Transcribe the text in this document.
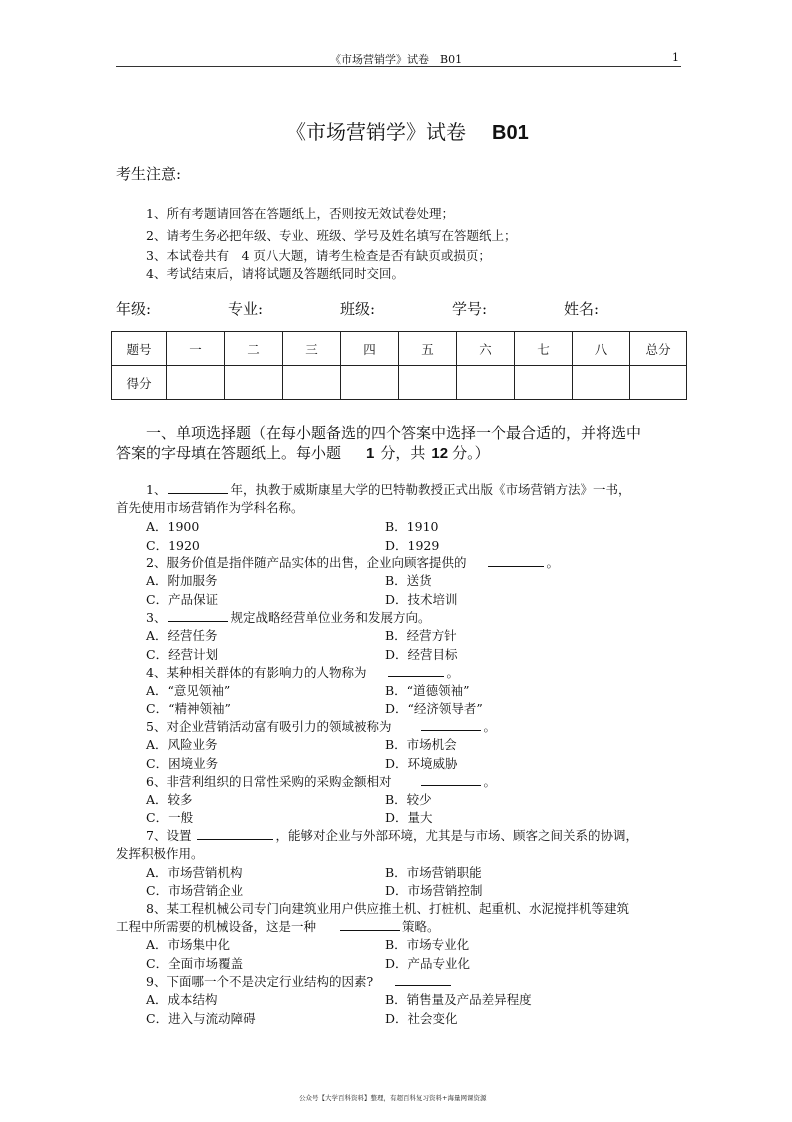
《市场营销学》试卷　B01	1
《市场营销学》试卷 B01
考生注意:
1、所有考题请回答在答题纸上，否则按无效试卷处理；
2、请考生务必把年级、专业、班级、学号及姓名填写在答题纸上；
3、本试卷共有　4 页八大题，请考生检查是否有缺页或损页；
4、考试结束后，请将试题及答题纸同时交回。
年级:	专业:	班级:	学号:	姓名:
题号	一	二	三	四	五	六	七	八	总分
得分									
一、单项选择题（在每小题备选的四个答案中选择一个最合适的，并将选中
答案的字母填在答题纸上。每小题　1 分，共 12 分。）
1、	年，执教于威斯康星大学的巴特勒教授正式出版《市场营销方法》一书，
首先使用市场营销作为学科名称。
A．1900	B．1910
C．1920	D．1929
2、服务价值是指伴随产品实体的出售，企业向顾客提供的	。
A．附加服务	B．送货
C．产品保证	D．技术培训
3、	规定战略经营单位业务和发展方向。
A．经营任务	B．经营方针
C．经营计划	D．经营目标
4、某种相关群体的有影响力的人物称为	。
A．“意见领袖”	B．“道德领袖”
C．“精神领袖”	D．“经济领导者”
5、对企业营销活动富有吸引力的领域被称为	。
A．风险业务	B．市场机会
C．困境业务	D．环境威胁
6、非营利组织的日常性采购的采购金额相对	。
A．较多	B．较少
C．一般	D．量大
7、设置	，能够对企业与外部环境，尤其是与市场、顾客之间关系的协调，
发挥积极作用。
A．市场营销机构	B．市场营销职能
C．市场营销企业	D．市场营销控制
8、某工程机械公司专门向建筑业用户供应推土机、打桩机、起重机、水泥搅拌机等建筑
工程中所需要的机械设备，这是一种	策略。
A．市场集中化	B．市场专业化
C．全面市场覆盖	D．产品专业化
9、下面哪一个不是决定行业结构的因素?
A．成本结构	B．销售量及产品差异程度
C．进入与流动障碍	D．社会变化
公众号【大学百科资料】整理，有超百科复习资料+海量网课资源
